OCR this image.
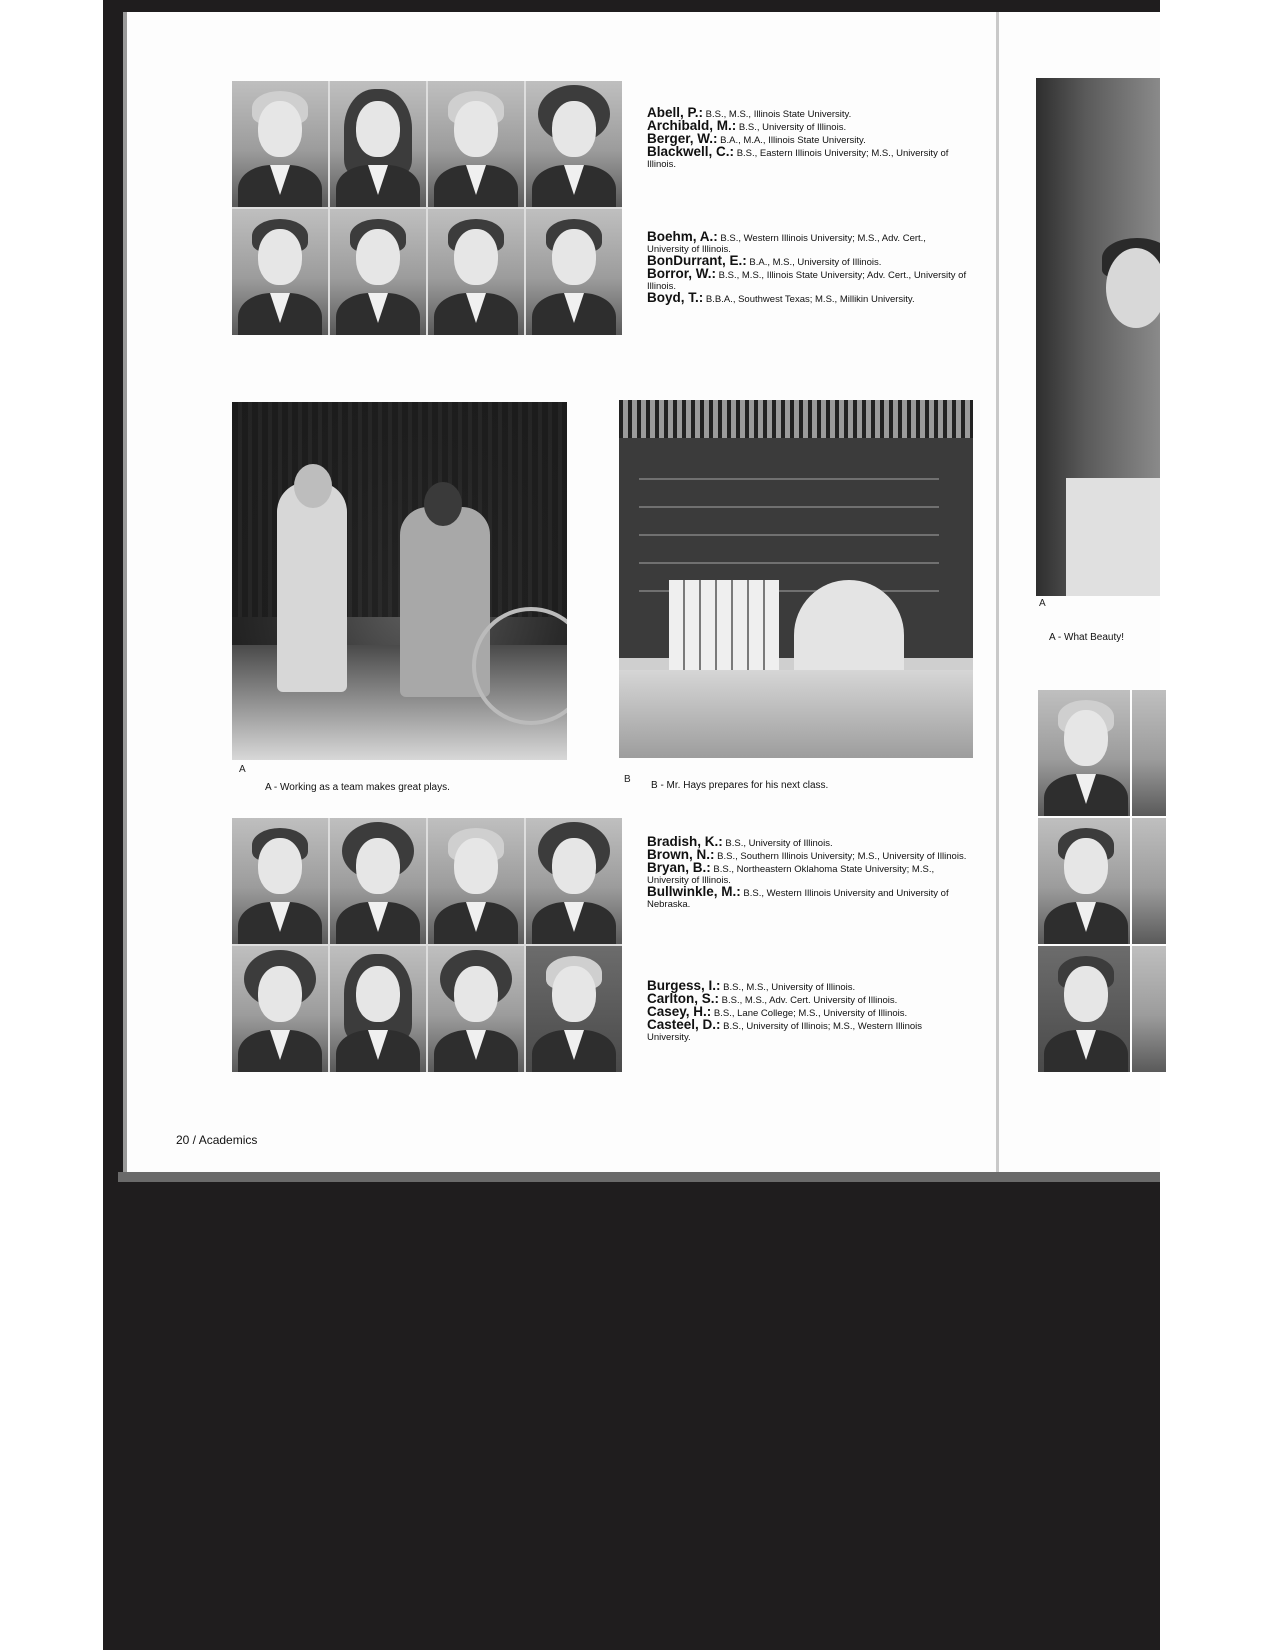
Abell, P.: B.S., M.S., Illinois State University.

Archibald, M.: B.S., University of Illinois.

Berger, W.: B.A., M.A., Illinois State University.

Blackwell, C.: B.S., Eastern Illinois University; M.S., University of Illinois.

Boehm, A.: B.S., Western Illinois University; M.S., Adv. Cert., University of Illinois.

BonDurrant, E.: B.A., M.S., University of Illinois.

Borror, W.: B.S., M.S., Illinois State University; Adv. Cert., University of Illinois.

Boyd, T.: B.B.A., Southwest Texas; M.S., Millikin University.

A
A - Working as a team makes great plays.
B
B - Mr. Hays prepares for his next class.
A
A - What Beauty!

Bradish, K.: B.S., University of Illinois.

Brown, N.: B.S., Southern Illinois University; M.S., University of Illinois.

Bryan, B.: B.S., Northeastern Oklahoma State University; M.S., University of Illinois.

Bullwinkle, M.: B.S., Western Illinois University and University of Nebraska.

Burgess, I.: B.S., M.S., University of Illinois.

Carlton, S.: B.S., M.S., Adv. Cert. University of Illinois.

Casey, H.: B.S., Lane College; M.S., University of Illinois.

Casteel, D.: B.S., University of Illinois; M.S., Western Illinois University.

20 / Academics
